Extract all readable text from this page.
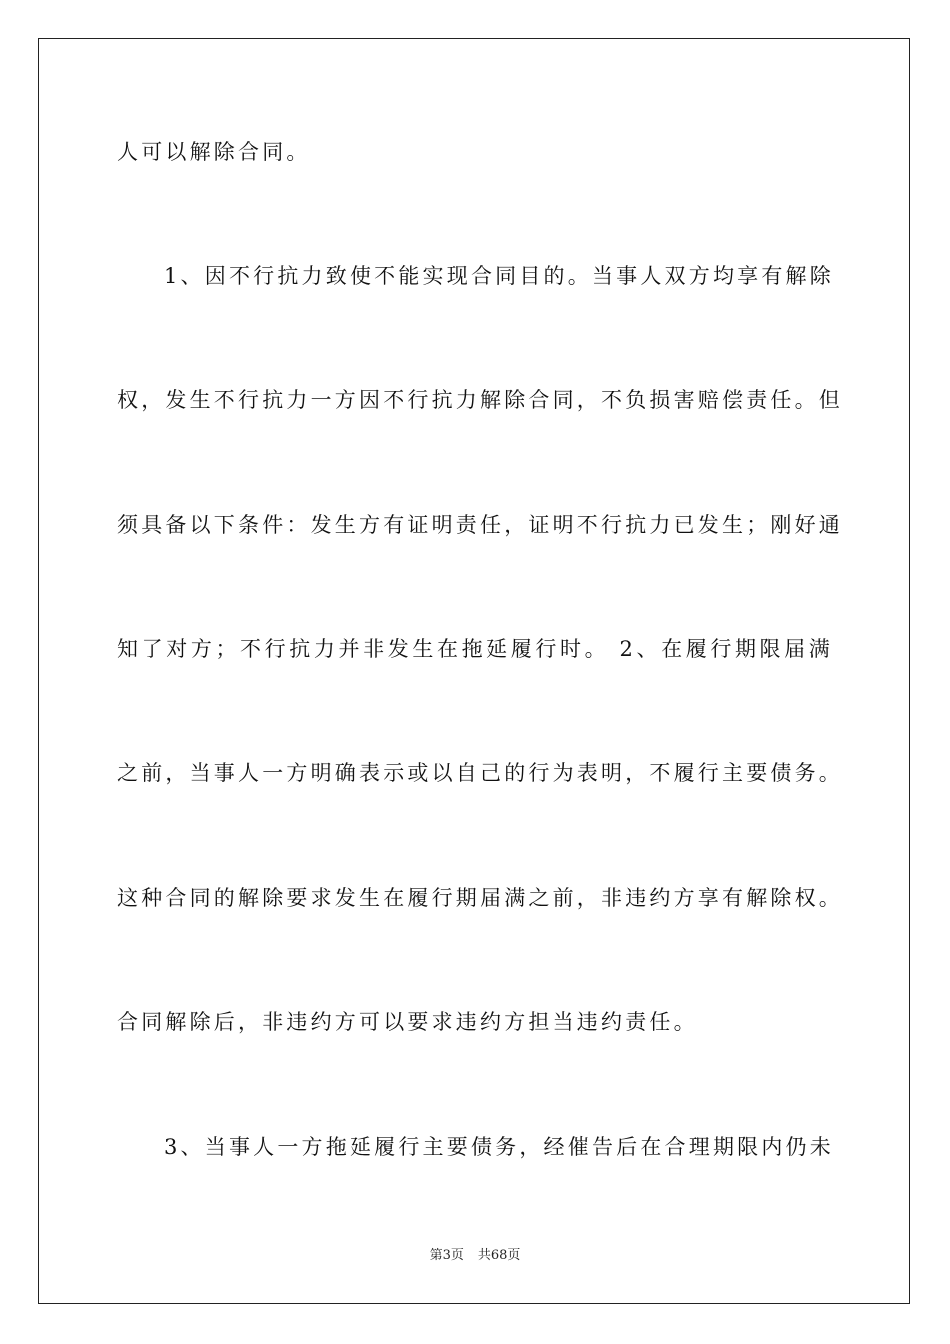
人可以解除合同。
1、因不行抗力致使不能实现合同目的。当事人双方均享有解除
权，发生不行抗力一方因不行抗力解除合同，不负损害赔偿责任。但
须具备以下条件：发生方有证明责任，证明不行抗力已发生；刚好通
知了对方；不行抗力并非发生在拖延履行时。 2、在履行期限届满
之前，当事人一方明确表示或以自己的行为表明，不履行主要债务。
这种合同的解除要求发生在履行期届满之前，非违约方享有解除权。
合同解除后，非违约方可以要求违约方担当违约责任。
3、当事人一方拖延履行主要债务，经催告后在合理期限内仍未
第3页 共68页
